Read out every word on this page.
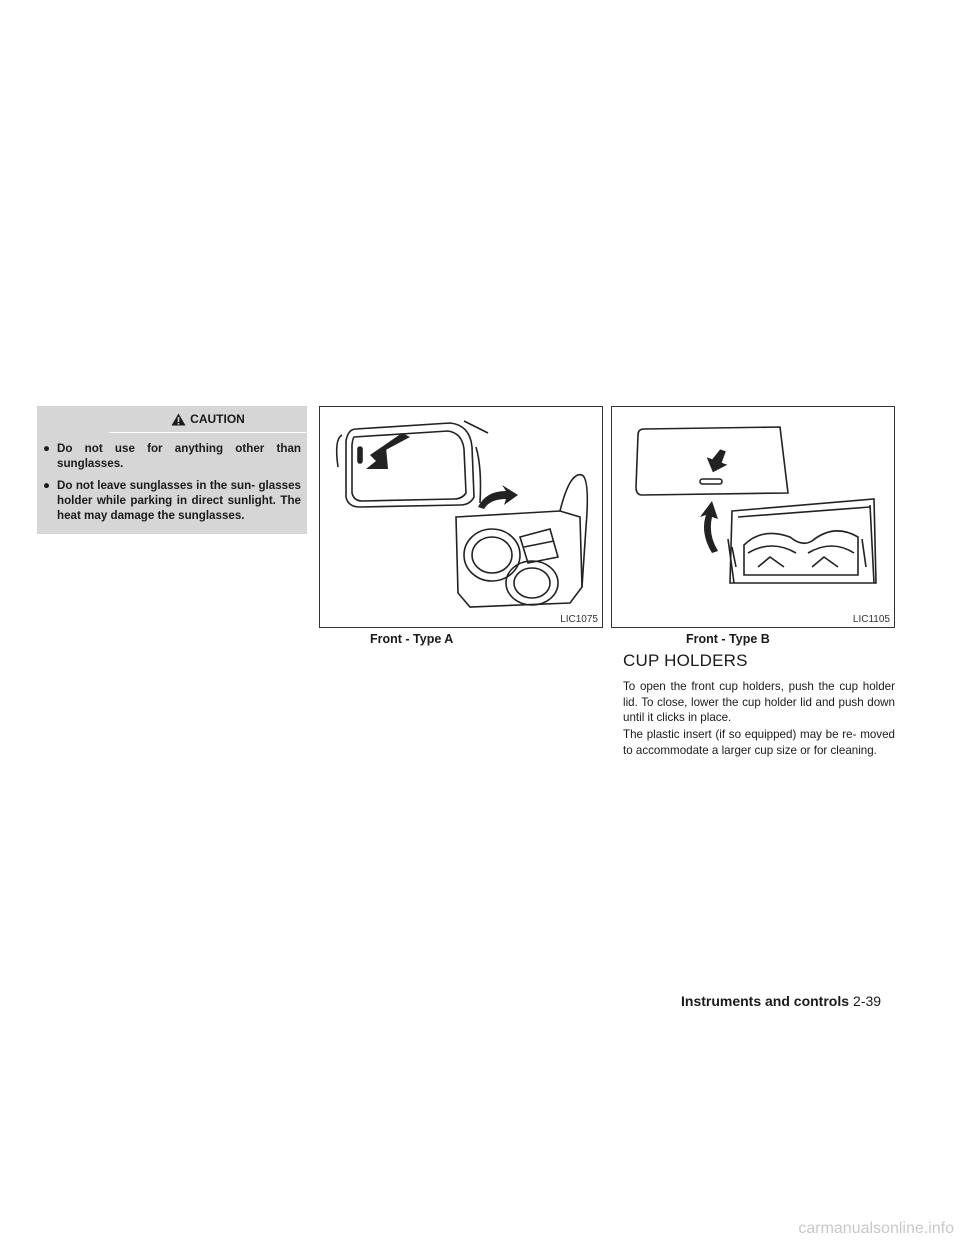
CAUTION
● Do not use for anything other than sunglasses.
● Do not leave sunglasses in the sun- glasses holder while parking in direct sunlight. The heat may damage the sunglasses.
LIC1075
Front - Type A
LIC1105
Front - Type B
CUP HOLDERS

To open the front cup holders, push the cup holder lid. To close, lower the cup holder lid and push down until it clicks in place.

The plastic insert (if so equipped) may be re- moved to accommodate a larger cup size or for cleaning.

Instruments and controls 2-39
carmanualsonline.info
